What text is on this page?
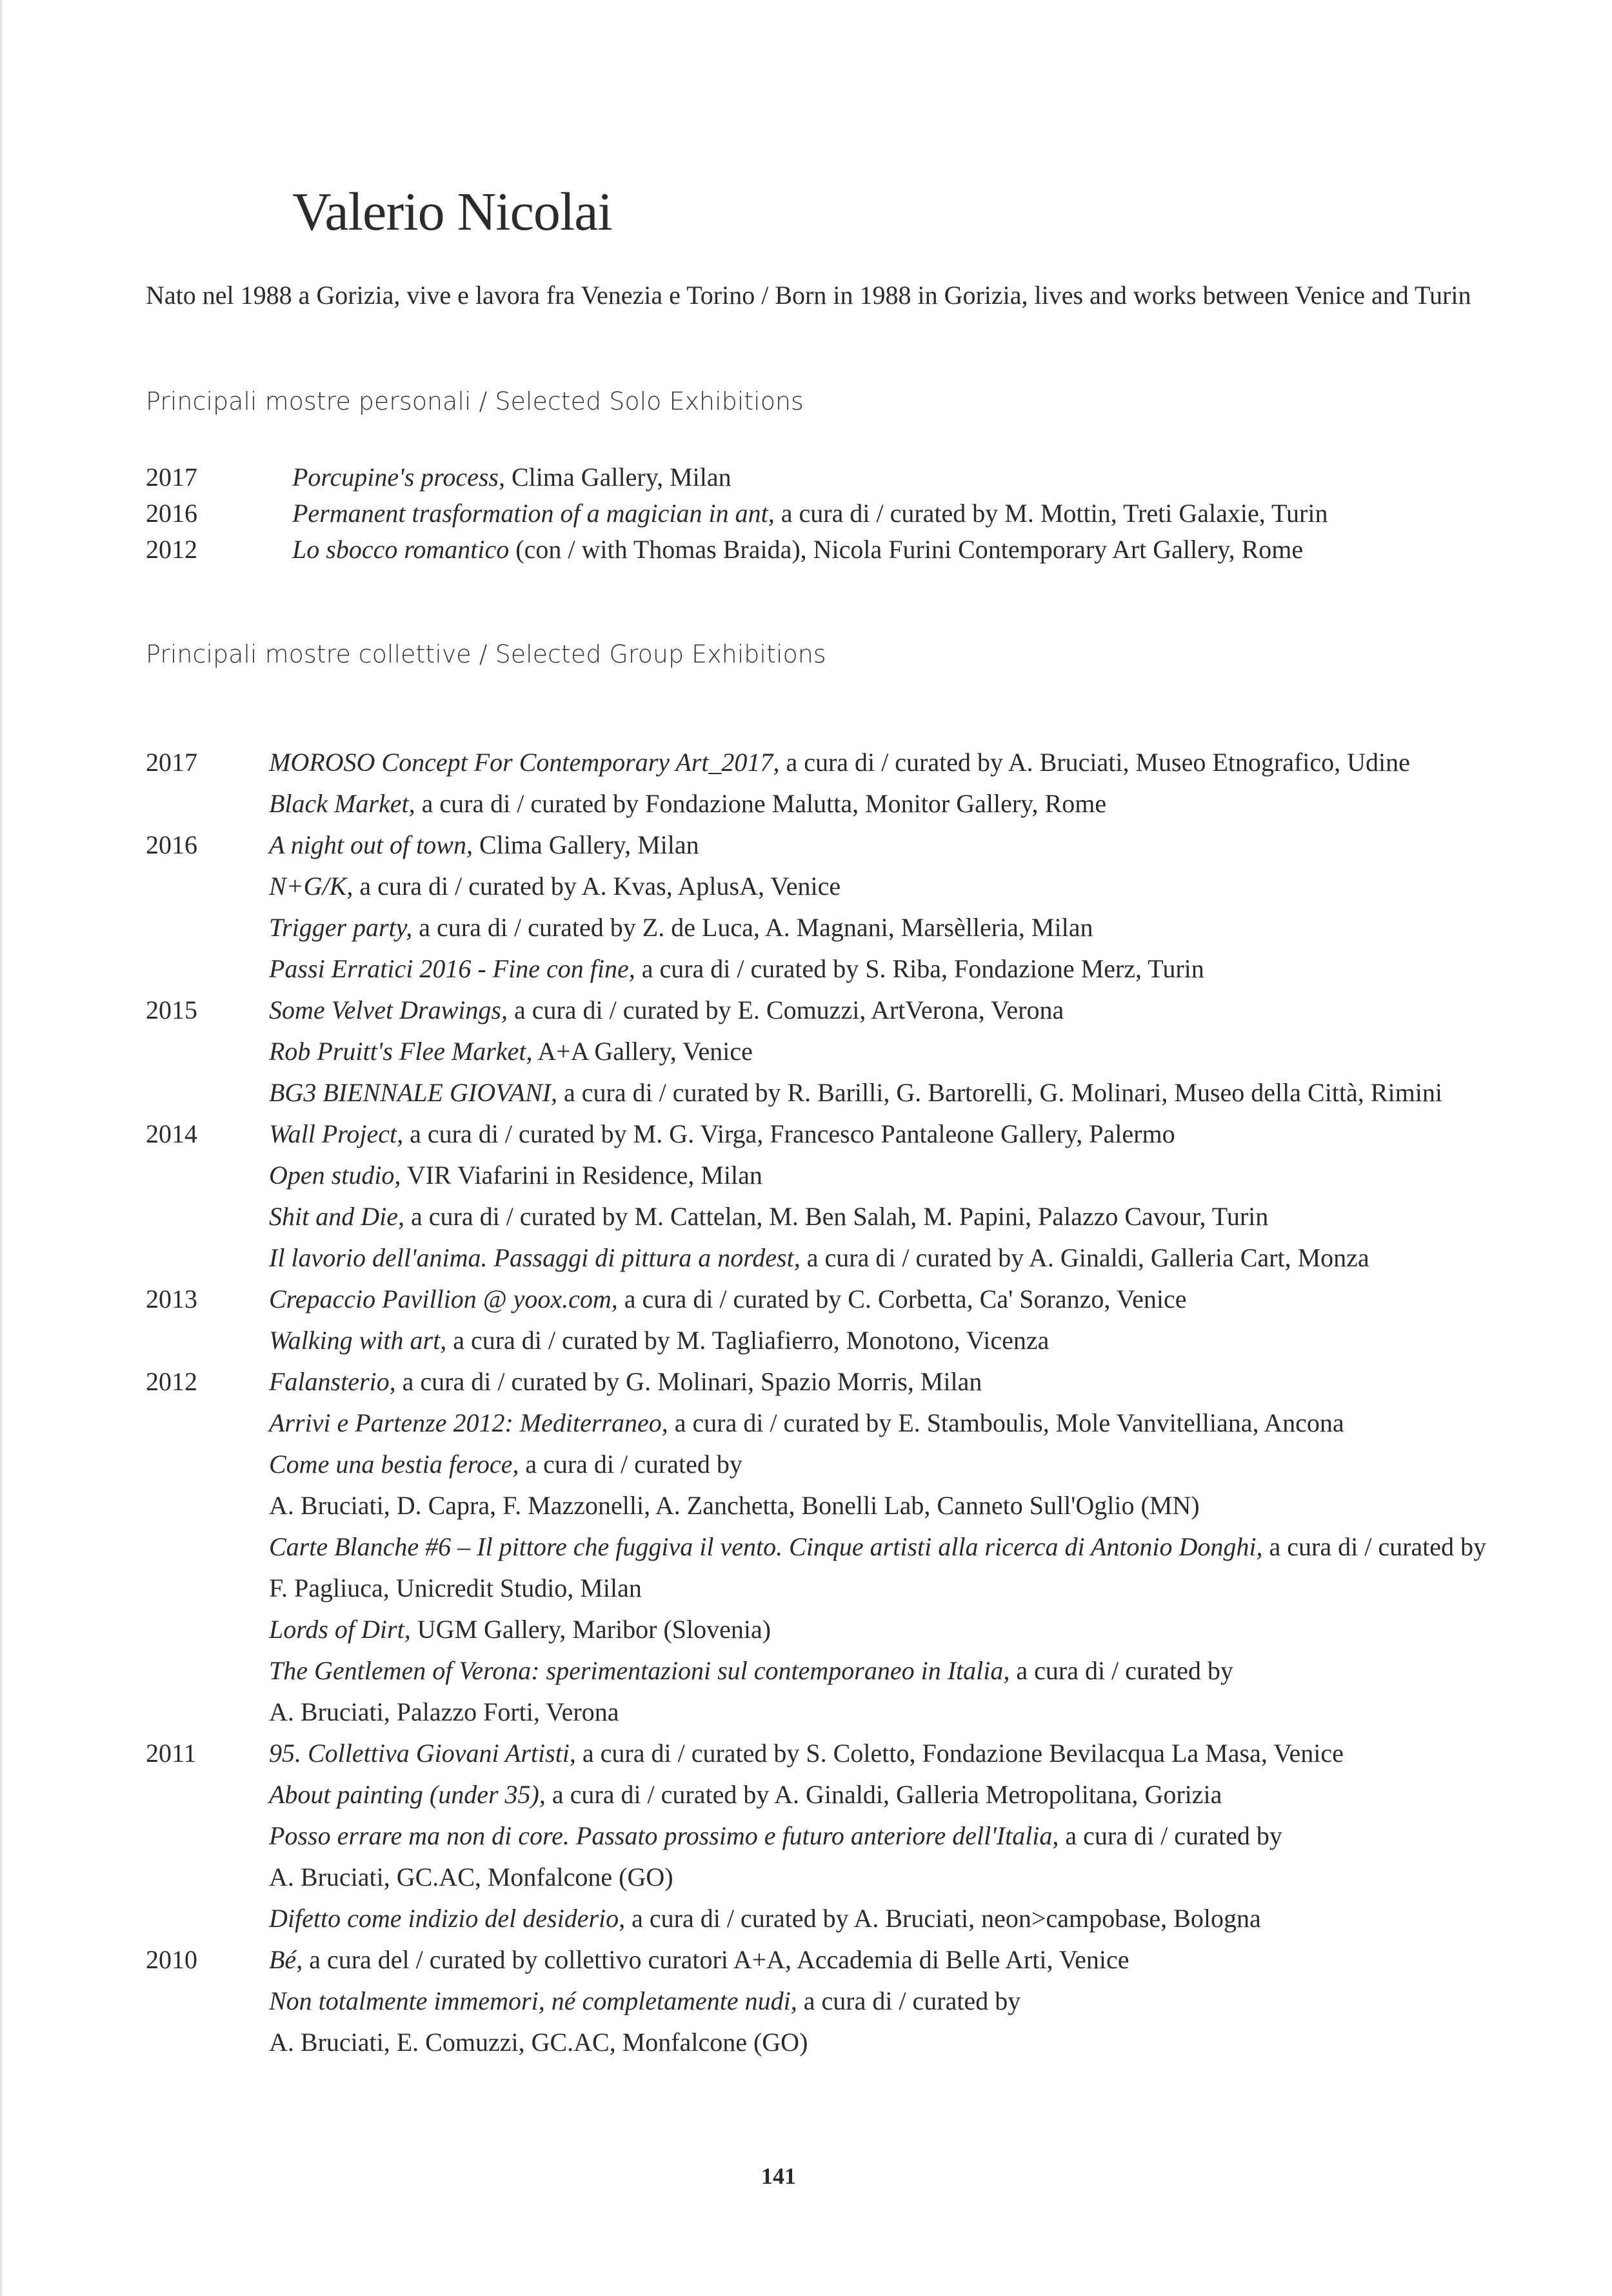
Valerio Nicolai
Nato nel 1988 a Gorizia, vive e lavora fra Venezia e Torino / Born in 1988 in Gorizia, lives and works between Venice and Turin
Principali mostre personali / Selected Solo Exhibitions
2017	Porcupine's process, Clima Gallery, Milan
2016	Permanent trasformation of a magician in ant, a cura di / curated by M. Mottin, Treti Galaxie, Turin
2012	Lo sbocco romantico (con / with Thomas Braida), Nicola Furini Contemporary Art Gallery, Rome
Principali mostre collettive / Selected Group Exhibitions
2017	MOROSO Concept For Contemporary Art_2017, a cura di / curated by A. Bruciati, Museo Etnografico, Udine
Black Market, a cura di / curated by Fondazione Malutta, Monitor Gallery, Rome
2016	A night out of town, Clima Gallery, Milan
N+G/K, a cura di / curated by A. Kvas, AplusA, Venice
Trigger party, a cura di / curated by Z. de Luca, A. Magnani, Marsèlleria, Milan
Passi Erratici 2016 - Fine con fine, a cura di / curated by S. Riba, Fondazione Merz, Turin
2015	Some Velvet Drawings, a cura di / curated by E. Comuzzi, ArtVerona, Verona
Rob Pruitt's Flee Market, A+A Gallery, Venice
BG3 BIENNALE GIOVANI, a cura di / curated by R. Barilli, G. Bartorelli, G. Molinari, Museo della Città, Rimini
2014	Wall Project, a cura di / curated by M. G. Virga, Francesco Pantaleone Gallery, Palermo
Open studio, VIR Viafarini in Residence, Milan
Shit and Die, a cura di / curated by M. Cattelan, M. Ben Salah, M. Papini, Palazzo Cavour, Turin
Il lavorio dell'anima. Passaggi di pittura a nordest, a cura di / curated by A. Ginaldi, Galleria Cart, Monza
2013	Crepaccio Pavillion @ yoox.com, a cura di / curated by C. Corbetta, Ca' Soranzo, Venice
Walking with art, a cura di / curated by M. Tagliafierro, Monotono, Vicenza
2012	Falansterio, a cura di / curated by G. Molinari, Spazio Morris, Milan
Arrivi e Partenze 2012: Mediterraneo, a cura di / curated by E. Stamboulis, Mole Vanvitelliana, Ancona
Come una bestia feroce, a cura di / curated by
A. Bruciati, D. Capra, F. Mazzonelli, A. Zanchetta, Bonelli Lab, Canneto Sull'Oglio (MN)
Carte Blanche #6 – Il pittore che fuggiva il vento. Cinque artisti alla ricerca di Antonio Donghi, a cura di / curated by
F. Pagliuca, Unicredit Studio, Milan
Lords of Dirt, UGM Gallery, Maribor (Slovenia)
The Gentlemen of Verona: sperimentazioni sul contemporaneo in Italia, a cura di / curated by
A. Bruciati, Palazzo Forti, Verona
2011	95. Collettiva Giovani Artisti, a cura di / curated by S. Coletto, Fondazione Bevilacqua La Masa, Venice
About painting (under 35), a cura di / curated by A. Ginaldi, Galleria Metropolitana, Gorizia
Posso errare ma non di core. Passato prossimo e futuro anteriore dell'Italia, a cura di / curated by
A. Bruciati, GC.AC, Monfalcone (GO)
Difetto come indizio del desiderio, a cura di / curated by A. Bruciati, neon>campobase, Bologna
2010	Bé, a cura del / curated by collettivo curatori A+A, Accademia di Belle Arti, Venice
Non totalmente immemori, né completamente nudi, a cura di / curated by
A. Bruciati, E. Comuzzi, GC.AC, Monfalcone (GO)
141
